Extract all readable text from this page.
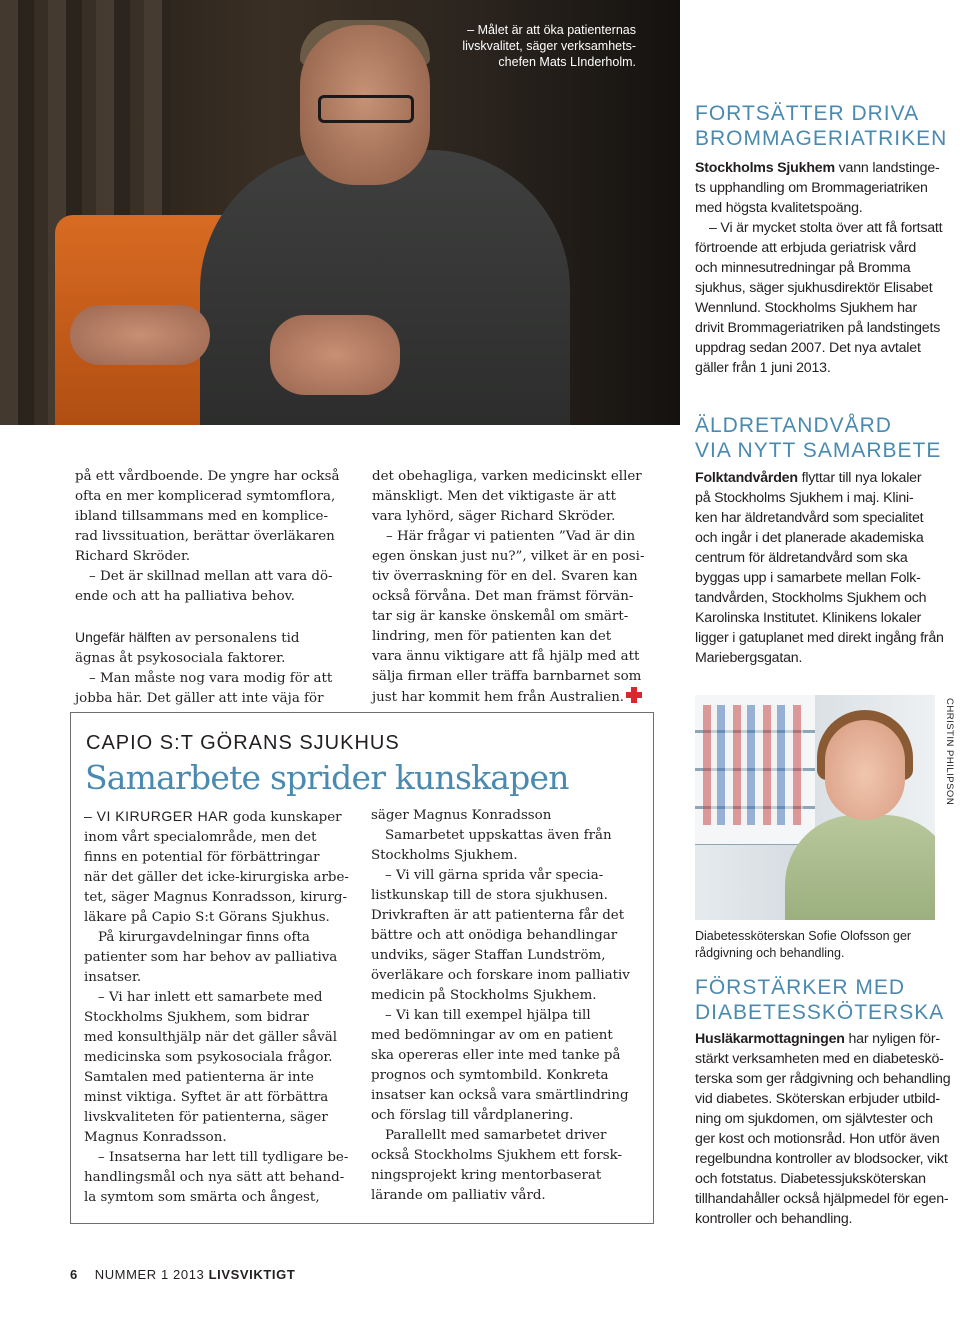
– Målet är att öka patienternas
livskvalitet, säger verksamhets-
chefen Mats LInderholm.
FORTSÄTTER DRIVA
BROMMAGERIATRIKEN
Stockholms Sjukhem vann landstinge-
ts upphandling om Brommageriatriken
med högsta kvalitetspoäng.
– Vi är mycket stolta över att få fortsatt
förtroende att erbjuda geriatrisk vård
och minnesutredningar på Bromma
sjukhus, säger sjukhusdirektör Elisabet
Wennlund. Stockholms Sjukhem har
drivit Brommageriatriken på landstingets
uppdrag sedan 2007. Det nya avtalet
gäller från 1 juni 2013.
ÄLDRETANDVÅRD
VIA NYTT SAMARBETE
Folktandvården flyttar till nya lokaler
på Stockholms Sjukhem i maj. Klini-
ken har äldretandvård som specialitet
och ingår i det planerade akademiska
centrum för äldretandvård som ska
byggas upp i samarbete mellan Folk-
tandvården, Stockholms Sjukhem och
Karolinska Institutet. Klinikens lokaler
ligger i gatuplanet med direkt ingång från
Mariebergsgatan.
CHRISTIN PHILIPSON
Diabetessköterskan Sofie Olofsson ger
rådgivning och behandling.
FÖRSTÄRKER MED
DIABETESSKÖTERSKA
Husläkarmottagningen har nyligen för-
stärkt verksamheten med en diabeteskö-
terska som ger rådgivning och behandling
vid diabetes. Sköterskan erbjuder utbild-
ning om sjukdomen, om självtester och
ger kost och motionsråd. Hon utför även
regelbundna kontroller av blodsocker, vikt
och fotstatus. Diabetessjuksköterskan
tillhandahåller också hjälpmedel för egen-
kontroller och behandling.
på ett vårdboende. De yngre har också
ofta en mer komplicerad symtomflora,
ibland tillsammans med en komplice-
rad livssituation, berättar överläkaren
Richard Skröder.
– Det är skillnad mellan att vara dö-
ende och att ha palliativa behov.
Ungefär hälften av personalens tid
ägnas åt psykosociala faktorer.
– Man måste nog vara modig för att
jobba här. Det gäller att inte väja för
det obehagliga, varken medicinskt eller
mänskligt. Men det viktigaste är att
vara lyhörd, säger Richard Skröder.
– Här frågar vi patienten ”Vad är din
egen önskan just nu?”, vilket är en posi-
tiv överraskning för en del. Svaren kan
också förvåna. Det man främst förvän-
tar sig är kanske önskemål om smärt-
lindring, men för patienten kan det
vara ännu viktigare att få hjälp med att
sälja firman eller träffa barnbarnet som
just har kommit hem från Australien.
CAPIO S:T GÖRANS SJUKHUS
Samarbete sprider kunskapen
– VI KIRURGER HAR goda kunskaper
inom vårt specialområde, men det
finns en potential för förbättringar
när det gäller det icke-kirurgiska arbe-
tet, säger Magnus Konradsson, kirurg-
läkare på Capio S:t Görans Sjukhus.
På kirurgavdelningar finns ofta
patienter som har behov av palliativa
insatser.
– Vi har inlett ett samarbete med
Stockholms Sjukhem, som bidrar
med konsulthjälp när det gäller såväl
medicinska som psykosociala frågor.
Samtalen med patienterna är inte
minst viktiga. Syftet är att förbättra
livskvaliteten för patienterna, säger
Magnus Konradsson.
– Insatserna har lett till tydligare be-
handlingsmål och nya sätt att behand-
la symtom som smärta och ångest,
säger Magnus Konradsson
Samarbetet uppskattas även från
Stockholms Sjukhem.
– Vi vill gärna sprida vår specia-
listkunskap till de stora sjukhusen.
Drivkraften är att patienterna får det
bättre och att onödiga behandlingar
undviks, säger Staffan Lundström,
överläkare och forskare inom palliativ
medicin på Stockholms Sjukhem.
– Vi kan till exempel hjälpa till
med bedömningar av om en patient
ska opereras eller inte med tanke på
prognos och symtombild. Konkreta
insatser kan också vara smärtlindring
och förslag till vårdplanering.
Parallellt med samarbetet driver
också Stockholms Sjukhem ett forsk-
ningsprojekt kring mentorbaserat
lärande om palliativ vård.
6 NUMMER 1 2013 LIVSVIKTIGT
